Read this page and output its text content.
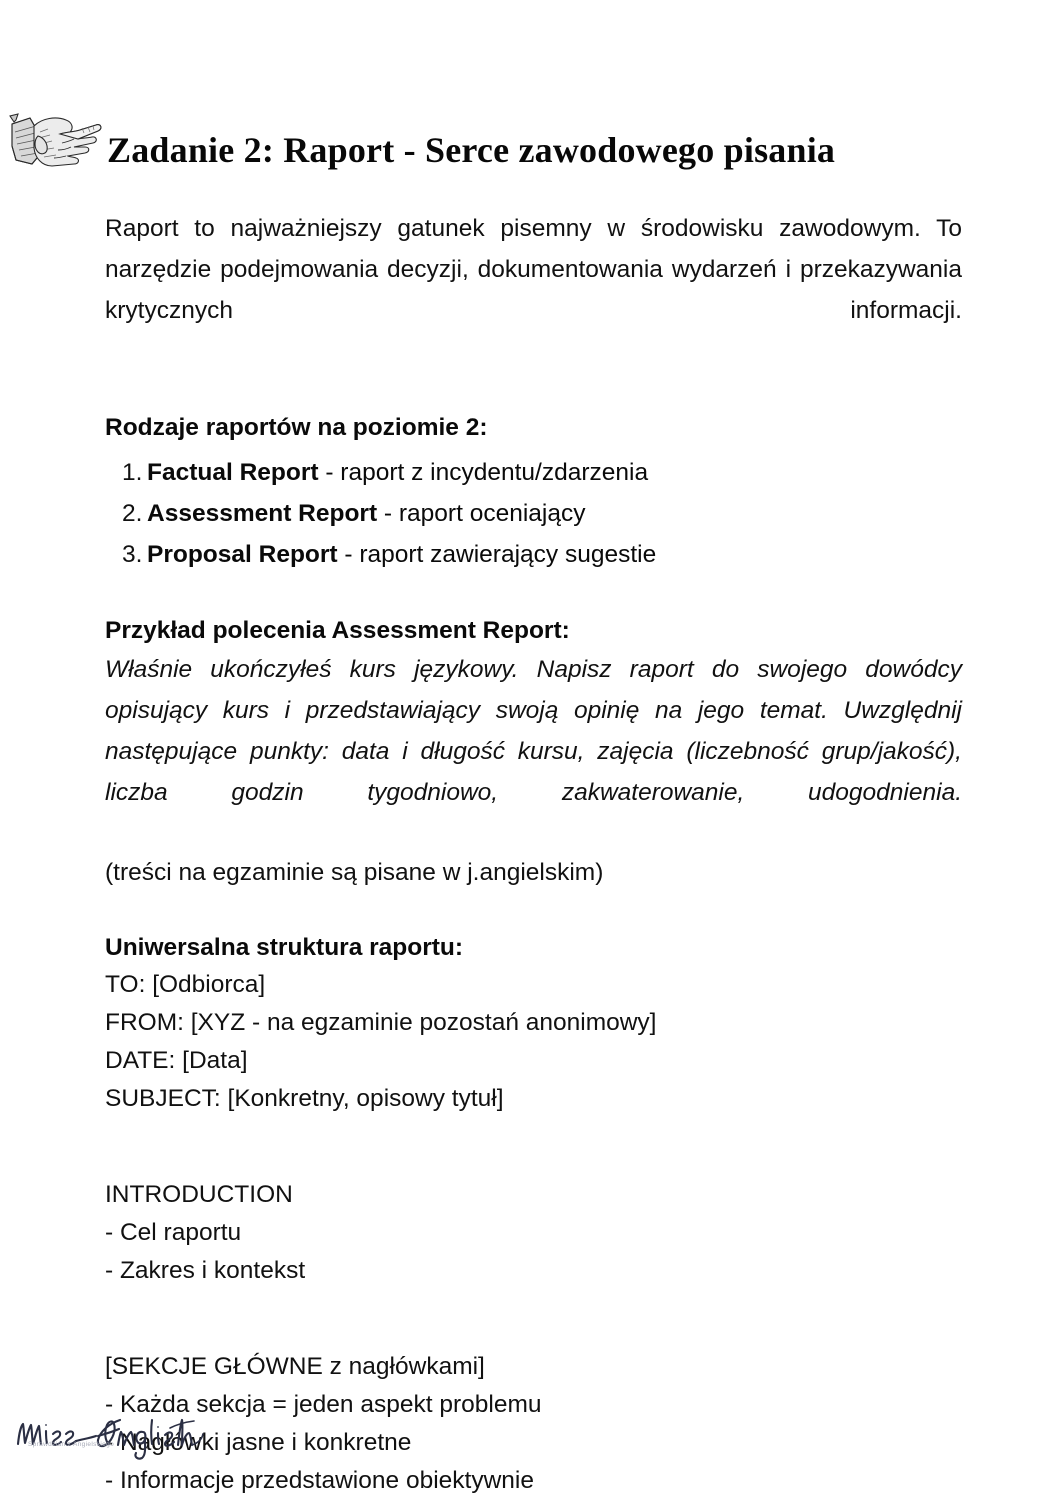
Zadanie 2: Raport - Serce zawodowego pisania

Raport to najważniejszy gatunek pisemny w środowisku zawodowym. To narzędzie podejmowania decyzji, dokumentowania wydarzeń i przekazywania krytycznych informacji.

Rodzaje raportów na poziomie 2:
1. Factual Report - raport z incydentu/zdarzenia
2. Assessment Report - raport oceniający
3. Proposal Report - raport zawierający sugestie
Przykład polecenia Assessment Report:

Właśnie ukończyłeś kurs językowy. Napisz raport do swojego dowódcy opisujący kurs i przedstawiający swoją opinię na jego temat. Uwzględnij następujące punkty: data i długość kursu, zajęcia (liczebność grup/jakość), liczba godzin tygodniowo, zakwaterowanie, udogodnienia.

(treści na egzaminie są pisane w j.angielskim)
Uniwersalna struktura raportu:
TO: [Odbiorca]
FROM: [XYZ - na egzaminie pozostań anonimowy]
DATE: [Data]
SUBJECT: [Konkretny, opisowy tytuł]
INTRODUCTION
- Cel raportu
- Zakres i kontekst
[SEKCJE GŁÓWNE z nagłówkami]
- Każda sekcja = jeden aspekt problemu
- Nagłówki jasne i konkretne
- Informacje przedstawione obiektywnie
Sprawdzian z Angielskiego
